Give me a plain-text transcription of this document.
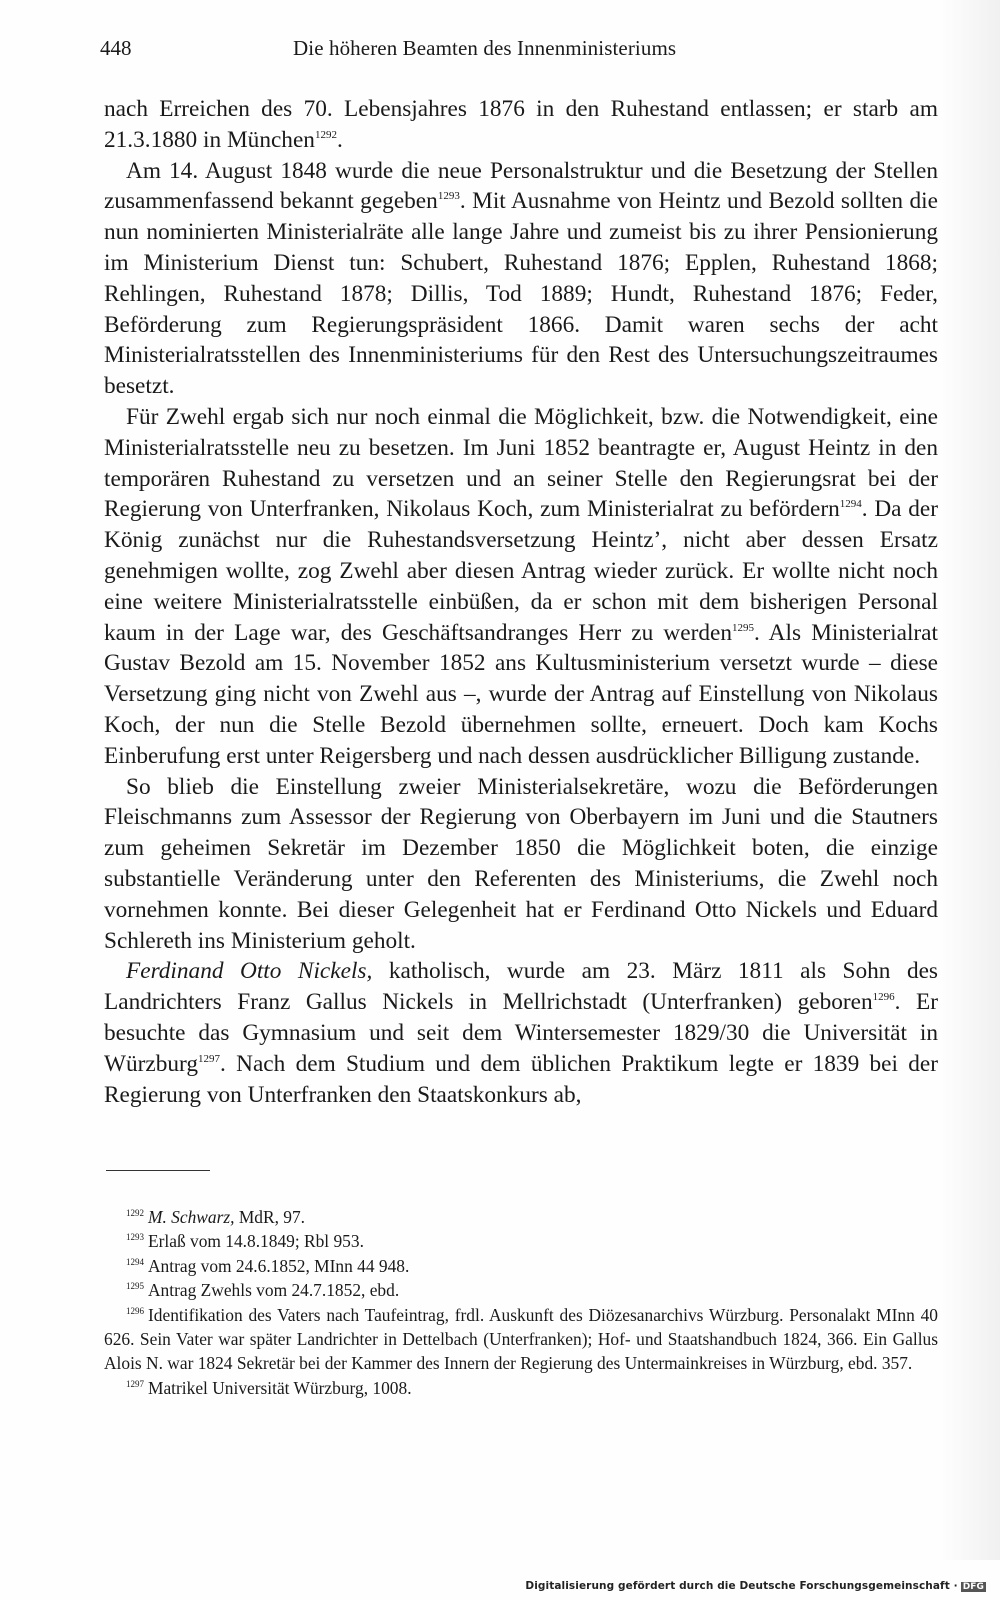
448	Die höheren Beamten des Innenministeriums

nach Erreichen des 70. Lebensjahres 1876 in den Ruhestand entlassen; er starb am 21.3.1880 in München$^{1292}$.

Am 14. August 1848 wurde die neue Personalstruktur und die Besetzung der Stellen zusammenfassend bekannt gegeben$^{1293}$. Mit Ausnahme von Heintz und Bezold sollten die nun nominierten Ministerialräte alle lange Jahre und zumeist bis zu ihrer Pensionierung im Ministerium Dienst tun: Schubert, Ruhestand 1876; Epplen, Ruhestand 1868; Rehlingen, Ruhestand 1878; Dillis, Tod 1889; Hundt, Ruhestand 1876; Feder, Beförderung zum Regierungspräsident 1866. Damit waren sechs der acht Ministerialratsstellen des Innenministeriums für den Rest des Untersuchungszeitraumes besetzt.

Für Zwehl ergab sich nur noch einmal die Möglichkeit, bzw. die Notwendigkeit, eine Ministerialratsstelle neu zu besetzen. Im Juni 1852 beantragte er, August Heintz in den temporären Ruhestand zu versetzen und an seiner Stelle den Regierungsrat bei der Regierung von Unterfranken, Nikolaus Koch, zum Ministerialrat zu befördern$^{1294}$. Da der König zunächst nur die Ruhestandsversetzung Heintz’, nicht aber dessen Ersatz genehmigen wollte, zog Zwehl aber diesen Antrag wieder zurück. Er wollte nicht noch eine weitere Ministerialratsstelle einbüßen, da er schon mit dem bisherigen Personal kaum in der Lage war, des Geschäftsandranges Herr zu werden$^{1295}$. Als Ministerialrat Gustav Bezold am 15. November 1852 ans Kultusministerium versetzt wurde – diese Versetzung ging nicht von Zwehl aus –, wurde der Antrag auf Einstellung von Nikolaus Koch, der nun die Stelle Bezold übernehmen sollte, erneuert. Doch kam Kochs Einberufung erst unter Reigersberg und nach dessen ausdrücklicher Billigung zustande.

So blieb die Einstellung zweier Ministerialsekretäre, wozu die Beförderungen Fleischmanns zum Assessor der Regierung von Oberbayern im Juni und die Stautners zum geheimen Sekretär im Dezember 1850 die Möglichkeit boten, die einzige substantielle Veränderung unter den Referenten des Ministeriums, die Zwehl noch vornehmen konnte. Bei dieser Gelegenheit hat er Ferdinand Otto Nickels und Eduard Schlereth ins Ministerium geholt.

Ferdinand Otto Nickels, katholisch, wurde am 23. März 1811 als Sohn des Landrichters Franz Gallus Nickels in Mellrichstadt (Unterfranken) geboren$^{1296}$. Er besuchte das Gymnasium und seit dem Wintersemester 1829/30 die Universität in Würzburg$^{1297}$. Nach dem Studium und dem üblichen Praktikum legte er 1839 bei der Regierung von Unterfranken den Staatskonkurs ab,

$^{1292}$ M. Schwarz, MdR, 97.

$^{1293}$ Erlaß vom 14.8.1849; Rbl 953.

$^{1294}$ Antrag vom 24.6.1852, MInn 44 948.

$^{1295}$ Antrag Zwehls vom 24.7.1852, ebd.

$^{1296}$ Identifikation des Vaters nach Taufeintrag, frdl. Auskunft des Diözesanarchivs Würzburg. Personalakt MInn 40 626. Sein Vater war später Landrichter in Dettelbach (Unterfranken); Hof- und Staatshandbuch 1824, 366. Ein Gallus Alois N. war 1824 Sekretär bei der Kammer des Innern der Regierung des Untermainkreises in Würzburg, ebd. 357.

$^{1297}$ Matrikel Universität Würzburg, 1008.

Digitalisierung gefördert durch die Deutsche Forschungsgemeinschaft · DFG
